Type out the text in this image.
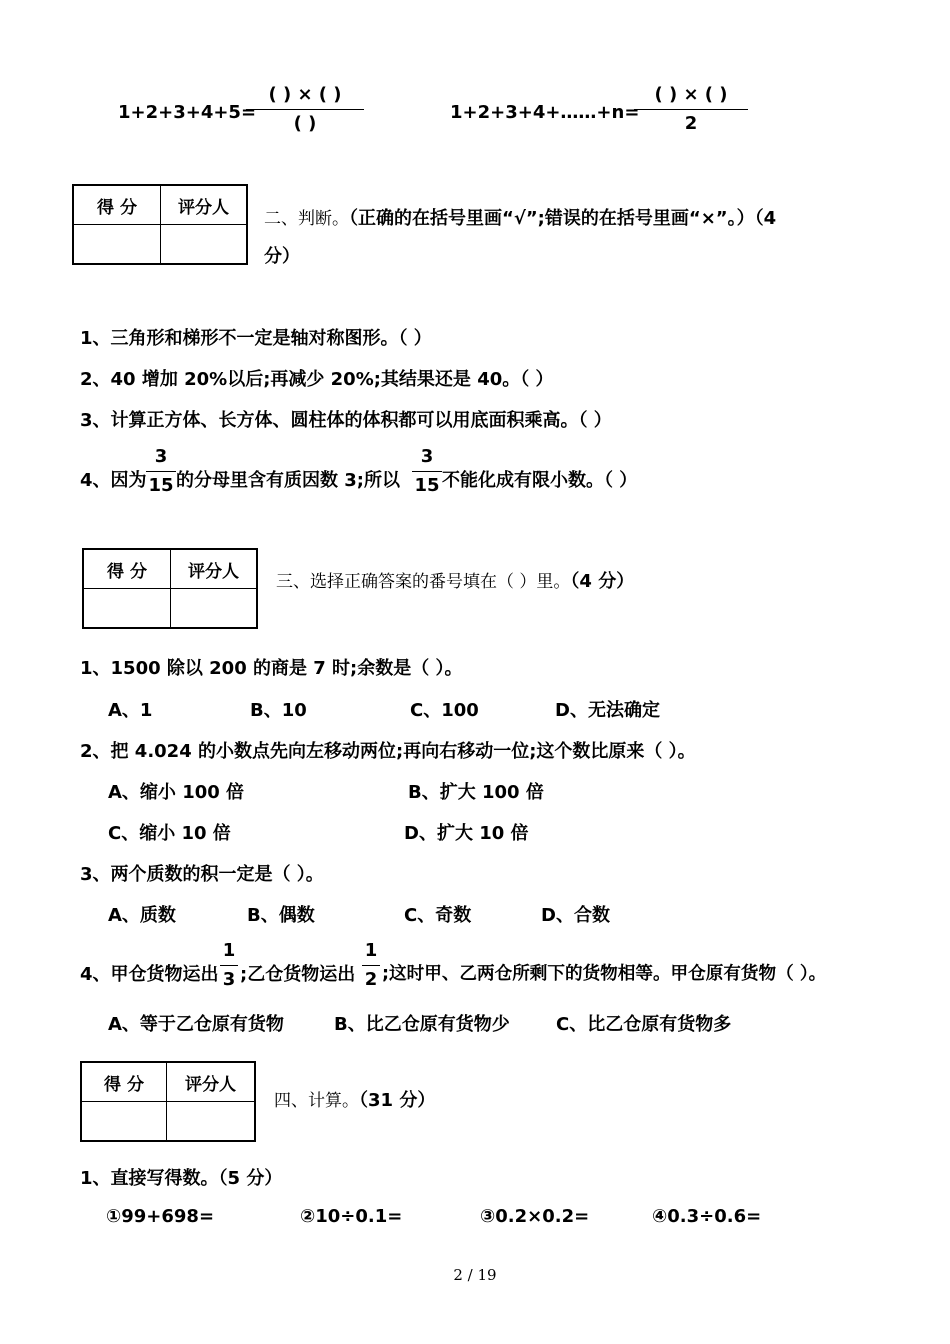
1+2+3+4+5=
( ) × ( )
( )
1+2+3+4+……+n=
( ) × ( )
2
得 分	评分人

二、判断。（正确的在括号里画“√”;错误的在括号里画“×”。）（4
分）
1、三角形和梯形不一定是轴对称图形。（ ）
2、40 增加 20%以后;再减少 20%;其结果还是 40。（ ）
3、计算正方体、长方体、圆柱体的体积都可以用底面积乘高。（ ）
4、因为
3
15 的分母里含有质因数 3;所以
3
15 不能化成有限小数。（ ）
得 分	评分人

三、选择正确答案的番号填在（ ）里。（4 分）
1、1500 除以 200 的商是 7 时;余数是（ ）。
A、1	B、10	C、100	D、无法确定
2、把 4.024 的小数点先向左移动两位;再向右移动一位;这个数比原来（ ）。
A、缩小 100 倍	B、扩大 100 倍
C、缩小 10 倍	D、扩大 10 倍
3、两个质数的积一定是（ ）。
A、质数	B、偶数	C、奇数	D、合数
4、甲仓货物运出
1
3 ;乙仓货物运出
1
2 ;这时甲、乙两仓所剩下的货物相等。甲仓原有货物（ ）。
A、等于乙仓原有货物	B、比乙仓原有货物少	C、比乙仓原有货物多
得 分	评分人

四、计算。（31 分）
1、直接写得数。（5 分）
①99+698=	②10÷0.1=	③0.2×0.2=	④0.3÷0.6=
2 / 19
